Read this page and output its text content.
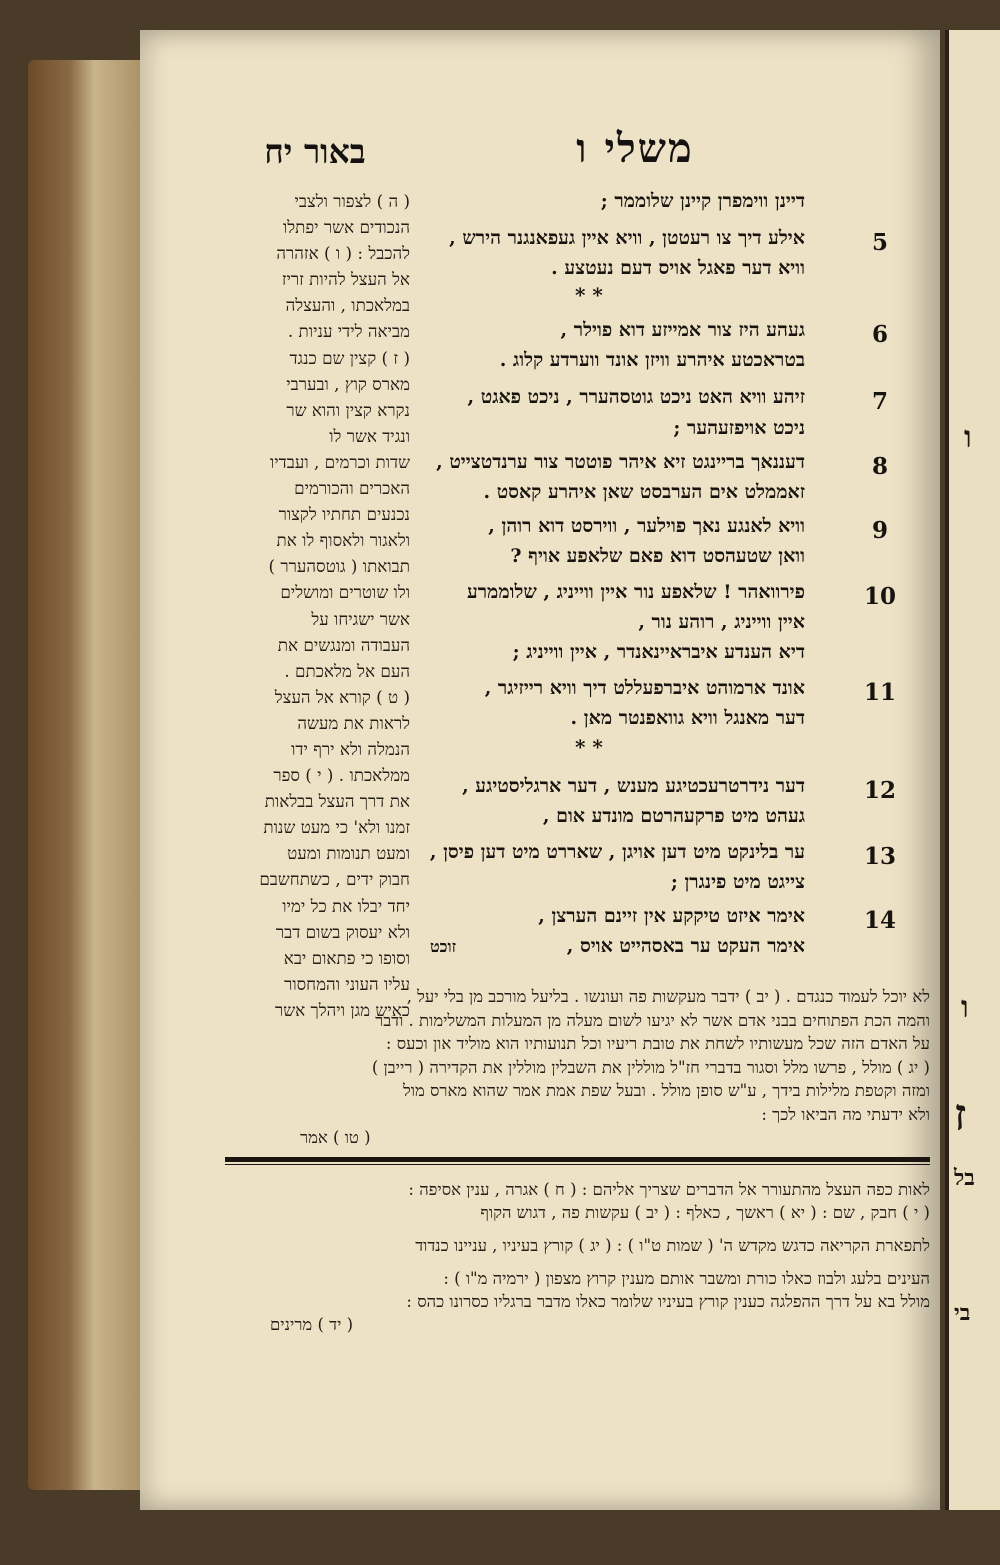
ו
ו
ז
בל
בי
משלי ו
באור יח
( ה ) לצפור ולצבי
הנכודים אשר יפתלו
להכבל : ( ו ) אזהרה
אל העצל להיות זריז
במלאכתו , והעצלה
מביאה לידי עניות .
( ז ) קצין שם כנגד
מארס קוץ , ובערבי
נקרא קצין והוא שר
ונגיד אשר לו
שדות וכרמים , ועבדיו
האכרים והכורמים
נכנעים תחתיו לקצור
ולאגור ולאסוף לו את
תבואתו ( גוטסהערר )
ולו שוטרים ומושלים
אשר ישגיחו על
העבודה ומנגשים את
העם אל מלאכתם .
( ט ) קורא אל העצל
לראות את מעשה
הנמלה ולא ירף ידו
ממלאכתו . ( י ) ספר
את דרך העצל בבלאות
זמנו ולא' כי מעט שנות
ומעט תנומות ומעט
חבוק ידים , כשתחשבם
יחד יבלו את כל ימיו
ולא יעסוק בשום דבר
וסופו כי פתאום יבא
עליו העוני והמחסור
כאיש מגן ויהלך אשר
דיינן ווימפרן קיינן שלוממר ;
5
אילע דיך צו רעטטן , וויא איין געפאנגנר הירש ,
וויא דער פאגל אויס דעם נעטצע .
* *
6
געהע היז צור אמייזע דוא פוילר ,
בטראכטע איהרע וויזן אונד ווערדע קלוג .
7
זיהע וויא האט ניכט גוטסהערר , ניכט פאגט ,
ניכט אויפזעהער ;
8
דעננאך בריינגט זיא איהר פוטטר צור ערנדטצייט ,
זאממלט אים הערבסט שאן איהרע קאסט .
9
וויא לאנגע נאך פוילער , ווירסט דוא רוהן ,
וואן שטעהסט דוא פאם שלאפע אויף ?
10
פירוואהר ! שלאפע נור איין ווייניג , שלוממרע
איין ווייניג , רוהע נור ,
דיא הענדע איבראיינאנדר , איין ווייניג ;
11
אונד ארמוהט איברפעללט דיך וויא רייזיגר ,
דער מאנגל וויא גוואפנטר מאן .
* *
12
דער נידרטרעכטיגע מענש , דער ארגליסטיגע ,
געהט מיט פרקעהרטם מונדע אום ,
13
ער בלינקט מיט דען אויגן , שאררט מיט דען פיסן ,
צייגט מיט פינגרן ;
14
אימר איזט טיקקע אין זיינם הערצן ,
אימר העקט ער באסהייט אויס ,
זוכט
לא יוכל לעמוד כנגדם . ( יב ) ידבר מעקשות פה ועונשו . בליעל מורכב מן בלי יעל ,
והמה הכת הפתוחים בבני אדם אשר לא יגיעו לשום מעלה מן המעלות המשלימות . ודבר
על האדם הזה שכל מעשותיו לשחת את טובת ריעיו וכל תנועותיו הוא מוליד און וכעס :
( יג ) מולל , פרשו מלל וסגור בדברי חז"ל מוללין את השבלין מוללין את הקדירה ( רייבן )
ומזה וקטפת מלילות בידך , ע"ש סופן מולל . ובעל שפת אמת אמר שהוא מארס מול
ולא ידעתי מה הביאו לכך :
( טו ) אמר
לאות כפה העצל מהתעורר אל הדברים שצריך אליהם : ( ח ) אגרה , ענין אסיפה :
( י ) חבק , שם : ( יא ) ראשך , כאלף : ( יב ) עקשות פה , דגוש הקוף
לתפארת הקריאה כדגש מקדש ה' ( שמות ט"ו ) : ( יג ) קורץ בעיניו , עניינו כנדוד
העינים בלעג ולבוז כאלו כורת ומשבר אותם מענין קרוץ מצפון ( ירמיה מ"ו ) :
מולל בא על דרך ההפלגה כענין קורץ בעיניו שלומר כאלו מדבר ברגליו כסרונו כהס :
( יד ) מרינים
